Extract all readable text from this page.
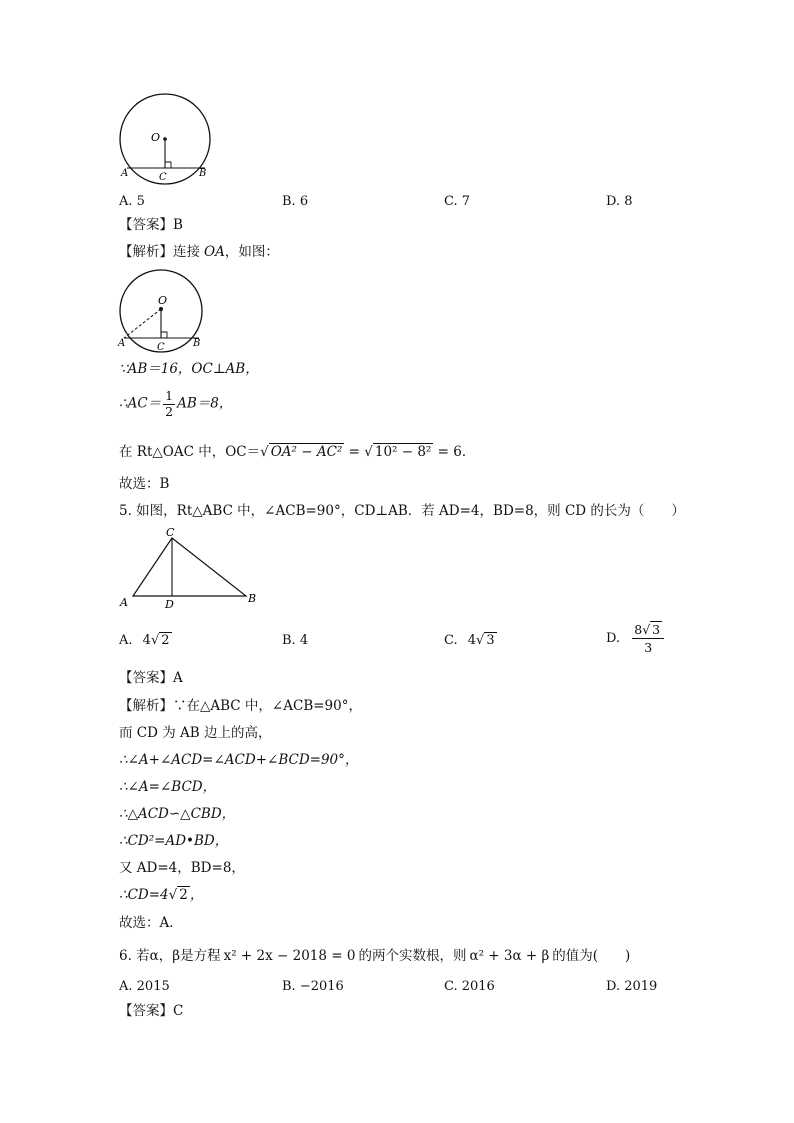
O
A	B
C
A. 5	B. 6	C. 7	D. 8
【答案】B
【解析】连接 OA，如图：
O
A	B
C
∵AB＝16，OC⊥AB，
∴AC＝ $\frac{1}{2} AB=8$，
在 Rt△OAC 中，OC＝√ OA² − AC² = √ 10² − 8² = 6．
故选：B
5. 如图，Rt△ABC 中，∠ACB=90°，CD⊥AB．若 AD=4，BD=8，则 CD 的长为（　　）
C
A	D	B
A. 4√ 2	B. 4	C. 4√ 3	D. $\frac{8√ 3}{3}$
【答案】A
【解析】∵在△ABC 中，∠ACB=90°，
而 CD 为 AB 边上的高，
∴∠A+∠ACD=∠ACD+∠BCD=90°，
∴∠A=∠BCD，
∴△ACD∽△CBD，
∴CD²=AD•BD，
又 AD=4，BD=8，
∴CD=4√ 2 ，
故选：A．
6. 若α，β是方程 x² + 2x − 2018 = 0 的两个实数根，则 α² + 3α + β 的值为(　　)
A. 2015	B. −2016	C. 2016	D. 2019
【答案】C
